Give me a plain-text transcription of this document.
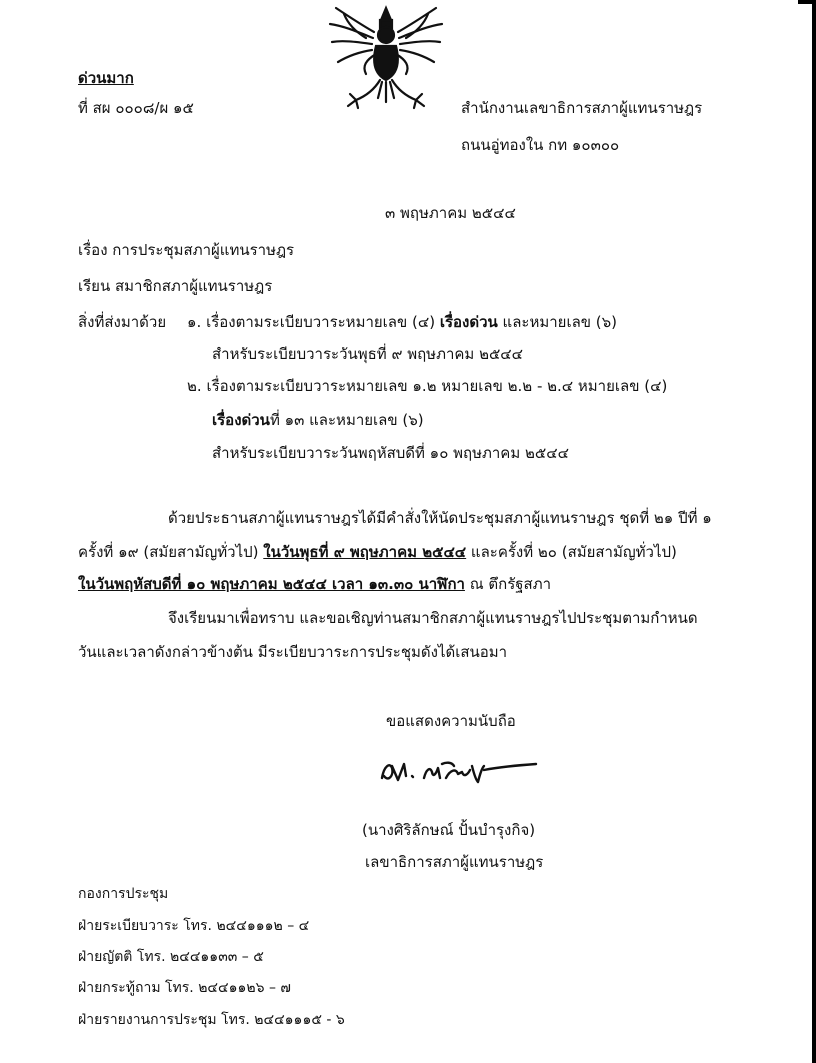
ด่วนมาก
ที่ สผ ๐๐๐๘/ผ ๑๕	สำนักงานเลขาธิการสภาผู้แทนราษฎร
ถนนอู่ทองใน กท ๑๐๓๐๐
๓ พฤษภาคม ๒๕๔๔
เรื่อง การประชุมสภาผู้แทนราษฎร
เรียน สมาชิกสภาผู้แทนราษฎร
สิ่งที่ส่งมาด้วย ๑. เรื่องตามระเบียบวาระหมายเลข (๔) เรื่องด่วน และหมายเลข (๖)
สำหรับระเบียบวาระวันพุธที่ ๙ พฤษภาคม ๒๕๔๔
๒. เรื่องตามระเบียบวาระหมายเลข ๑.๒ หมายเลข ๒.๒ - ๒.๔ หมายเลข (๔)
เรื่องด่วนที่ ๑๓ และหมายเลข (๖)
สำหรับระเบียบวาระวันพฤหัสบดีที่ ๑๐ พฤษภาคม ๒๕๔๔
ด้วยประธานสภาผู้แทนราษฎรได้มีคำสั่งให้นัดประชุมสภาผู้แทนราษฎร ชุดที่ ๒๑ ปีที่ ๑
ครั้งที่ ๑๙ (สมัยสามัญทั่วไป) ในวันพุธที่ ๙ พฤษภาคม ๒๕๔๔ และครั้งที่ ๒๐ (สมัยสามัญทั่วไป)
ในวันพฤหัสบดีที่ ๑๐ พฤษภาคม ๒๕๔๔ เวลา ๑๓.๓๐ นาฬิกา ณ ตึกรัฐสภา
จึงเรียนมาเพื่อทราบ และขอเชิญท่านสมาชิกสภาผู้แทนราษฎรไปประชุมตามกำหนด
วันและเวลาดังกล่าวข้างต้น มีระเบียบวาระการประชุมดังได้เสนอมา
ขอแสดงความนับถือ
(นางศิริลักษณ์ ปั้นบำรุงกิจ)
เลขาธิการสภาผู้แทนราษฎร
กองการประชุม
ฝ่ายระเบียบวาระ โทร. ๒๔๔๑๑๑๒ – ๔
ฝ่ายญัตติ โทร. ๒๔๔๑๑๓๓ – ๕
ฝ่ายกระทู้ถาม โทร. ๒๔๔๑๑๒๖ – ๗
ฝ่ายรายงานการประชุม โทร. ๒๔๔๑๑๑๕ - ๖
